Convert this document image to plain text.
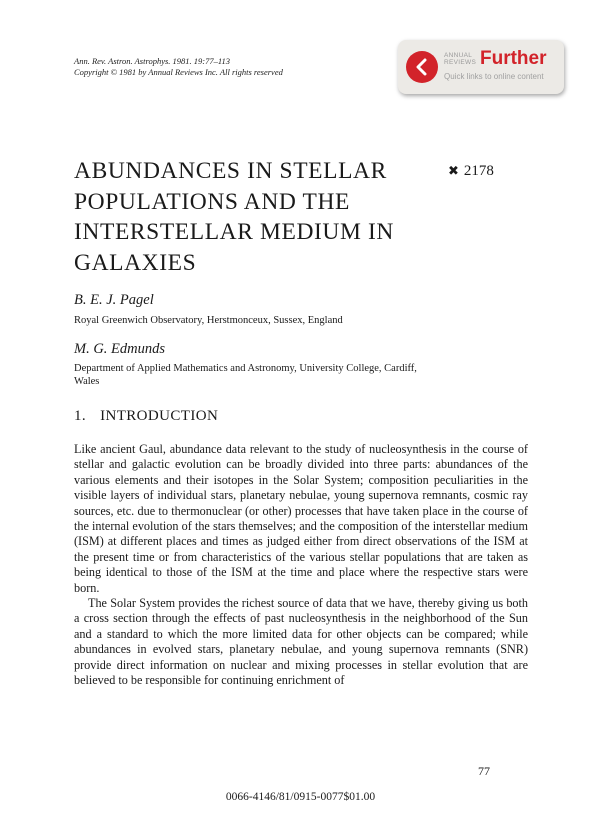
Ann. Rev. Astron. Astrophys. 1981. 19:77–113
Copyright © 1981 by Annual Reviews Inc. All rights reserved
ANNUAL REVIEWS Further
Quick links to online content
ABUNDANCES IN STELLAR POPULATIONS AND THE INTERSTELLAR MEDIUM IN GALAXIES
✖ 2178
B. E. J. Pagel
Royal Greenwich Observatory, Herstmonceux, Sussex, England
M. G. Edmunds
Department of Applied Mathematics and Astronomy, University College, Cardiff, Wales
1. INTRODUCTION

Like ancient Gaul, abundance data relevant to the study of nucleosynthesis in the course of stellar and galactic evolution can be broadly divided into three parts: abundances of the various elements and their isotopes in the Solar System; composition peculiarities in the visible layers of individual stars, planetary nebulae, young supernova remnants, cosmic ray sources, etc. due to thermonuclear (or other) processes that have taken place in the course of the internal evolution of the stars themselves; and the composition of the interstellar medium (ISM) at different places and times as judged either from direct observations of the ISM at the present time or from characteristics of the various stellar populations that are taken as being identical to those of the ISM at the time and place where the respective stars were born.

The Solar System provides the richest source of data that we have, thereby giving us both a cross section through the effects of past nucleosynthesis in the neighborhood of the Sun and a standard to which the more limited data for other objects can be compared; while abundances in evolved stars, planetary nebulae, and young supernova remnants (SNR) provide direct information on nuclear and mixing processes in stellar evolution that are believed to be responsible for continuing enrichment of

77
0066-4146/81/0915-0077$01.00
